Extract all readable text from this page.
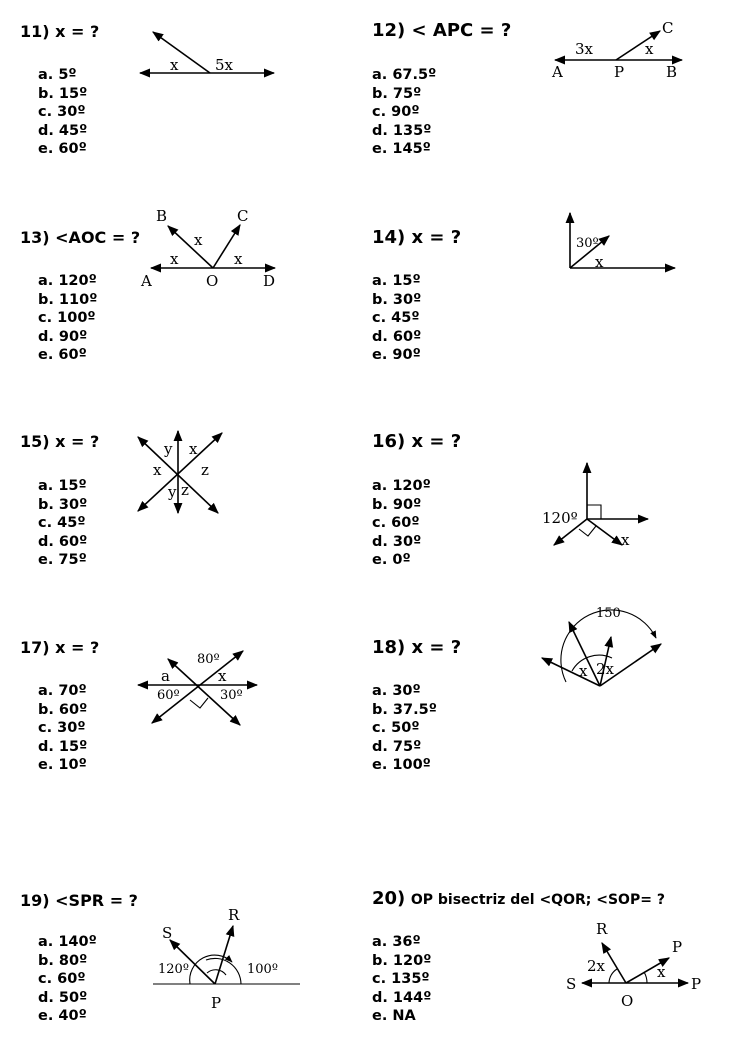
11) x = ?
a. 5º
b. 15º
c. 30º
d. 45º
e. 60º
x 5x
12) < APC = ?
a. 67.5º
b. 75º
c. 90º
d. 135º
e. 145º
3x	x
A	P	B
C
13) <AOC = ?
a. 120º
b. 110º
c. 100º
d. 90º
e. 60º
B	C
x
x	x
A	O	D
14) x = ?
a. 15º
b. 30º
c. 45º
d. 60º
e. 90º
30º
x
15) x = ?
a. 15º
b. 30º
c. 45º
d. 60º
e. 75º
y x
x	z
y z
16) x = ?
a. 120º
b. 90º
c. 60º
d. 30º
e. 0º
120º
x
17) x = ?
a. 70º
b. 60º
c. 30º
d. 15º
e. 10º
80º
a	x
60º	30º
18) x = ?
a. 30º
b. 37.5º
c. 50º
d. 75º
e. 100º
150
x 2x
19) <SPR = ?
a. 140º
b. 80º
c. 60º
d. 50º
e. 40º
R
S
120º	100º
P
20) OP bisectriz del <QOR; <SOP= ?
a. 36º
b. 120º
c. 135º
d. 144º
e. NA
R
P
2x	x
S
O
P
